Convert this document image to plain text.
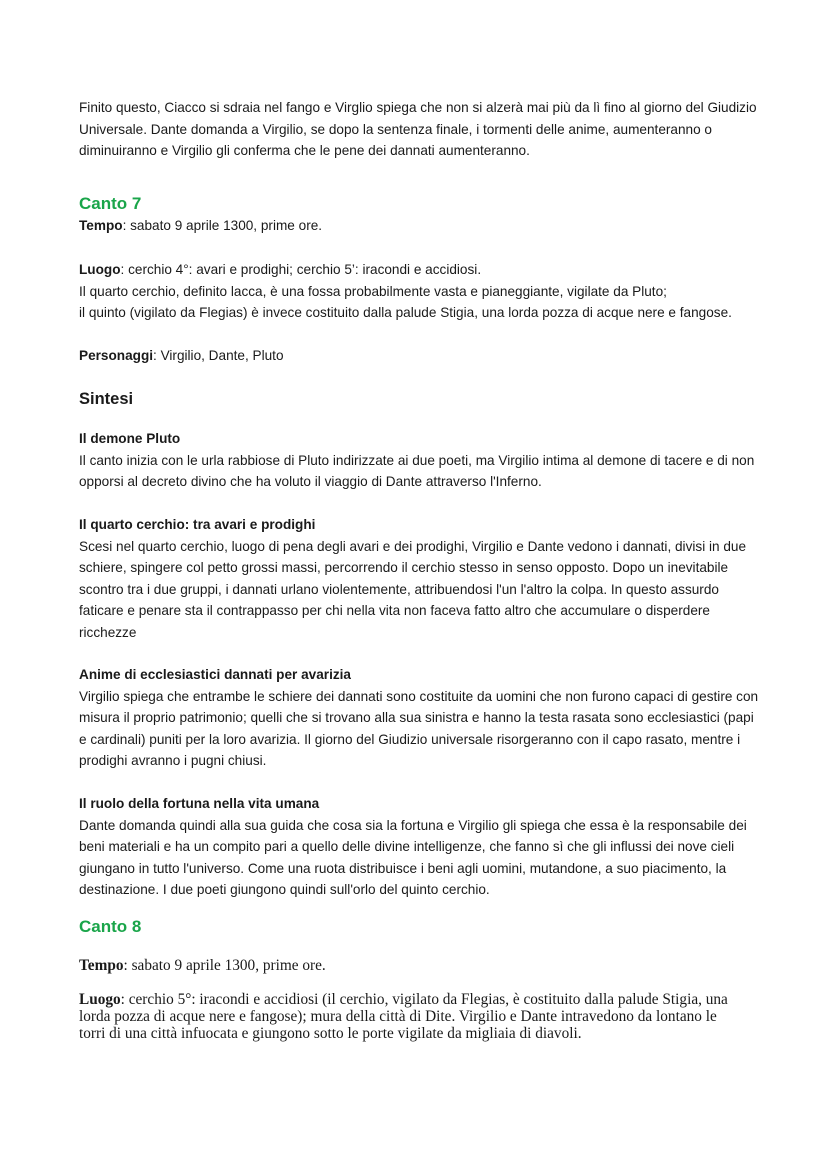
Finito questo, Ciacco si sdraia nel fango e Virglio spiega che non si alzerà mai più da lì fino al giorno del Giudizio Universale. Dante domanda a Virgilio, se dopo la sentenza finale, i tormenti delle anime, aumenteranno o diminuiranno e Virgilio gli conferma che le pene dei dannati aumenteranno.

Canto 7

Tempo: sabato 9 aprile 1300, prime ore.

Luogo: cerchio 4°: avari e prodighi; cerchio 5’: iracondi e accidiosi.

Il quarto cerchio, definito lacca, è una fossa probabilmente vasta e pianeggiante, vigilate da Pluto;

il quinto (vigilato da Flegias) è invece costituito dalla palude Stigia, una lorda pozza di acque nere e fangose.

Personaggi: Virgilio, Dante, Pluto

Sintesi

Il demone Pluto

Il canto inizia con le urla rabbiose di Pluto indirizzate ai due poeti, ma Virgilio intima al demone di tacere e di non opporsi al decreto divino che ha voluto il viaggio di Dante attraverso l'Inferno.

Il quarto cerchio: tra avari e prodighi

Scesi nel quarto cerchio, luogo di pena degli avari e dei prodighi, Virgilio e Dante vedono i dannati, divisi in due schiere, spingere col petto grossi massi, percorrendo il cerchio stesso in senso opposto. Dopo un inevitabile scontro tra i due gruppi, i dannati urlano violentemente, attribuendosi l'un l'altro la colpa. In questo assurdo faticare e penare sta il contrappasso per chi nella vita non faceva fatto altro che accumulare o disperdere ricchezze

Anime di ecclesiastici dannati per avarizia

Virgilio spiega che entrambe le schiere dei dannati sono costituite da uomini che non furono capaci di gestire con misura il proprio patrimonio; quelli che si trovano alla sua sinistra e hanno la testa rasata sono ecclesiastici (papi e cardinali) puniti per la loro avarizia. Il giorno del Giudizio universale risorgeranno con il capo rasato, mentre i prodighi avranno i pugni chiusi.

Il ruolo della fortuna nella vita umana

Dante domanda quindi alla sua guida che cosa sia la fortuna e Virgilio gli spiega che essa è la responsabile dei beni materiali e ha un compito pari a quello delle divine intelligenze, che fanno sì che gli influssi dei nove cieli giungano in tutto l'universo. Come una ruota distribuisce i beni agli uomini, mutandone, a suo piacimento, la destinazione. I due poeti giungono quindi sull'orlo del quinto cerchio.

Canto 8

Tempo: sabato 9 aprile 1300, prime ore.

Luogo: cerchio 5°: iracondi e accidiosi (il cerchio, vigilato da Flegias, è costituito dalla palude Stigia, una lorda pozza di acque nere e fangose); mura della città di Dite. Virgilio e Dante intravedono da lontano le torri di una città infuocata e giungono sotto le porte vigilate da migliaia di diavoli.
